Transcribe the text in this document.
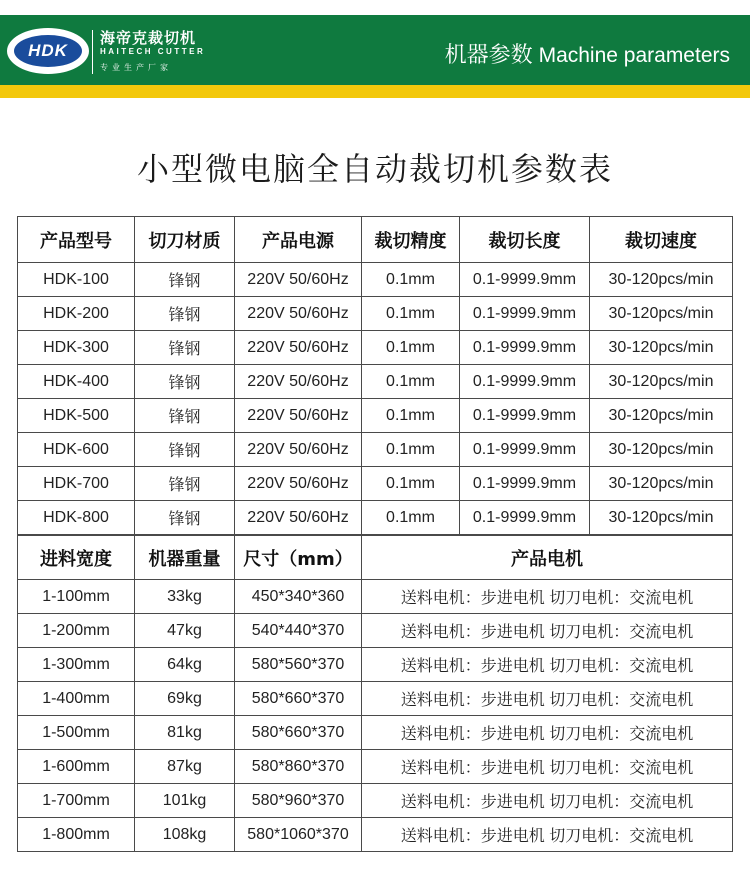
HDK
海帝克裁切机
HAITECH CUTTER
专业生产厂家	机器参数 Machine parameters
小型微电脑全自动裁切机参数表
产品型号	切刀材质	产品电源	裁切精度	裁切长度	裁切速度
HDK-100	锋钢	220V 50/60Hz	0.1mm	0.1-9999.9mm	30-120pcs/min
HDK-200	锋钢	220V 50/60Hz	0.1mm	0.1-9999.9mm	30-120pcs/min
HDK-300	锋钢	220V 50/60Hz	0.1mm	0.1-9999.9mm	30-120pcs/min
HDK-400	锋钢	220V 50/60Hz	0.1mm	0.1-9999.9mm	30-120pcs/min
HDK-500	锋钢	220V 50/60Hz	0.1mm	0.1-9999.9mm	30-120pcs/min
HDK-600	锋钢	220V 50/60Hz	0.1mm	0.1-9999.9mm	30-120pcs/min
HDK-700	锋钢	220V 50/60Hz	0.1mm	0.1-9999.9mm	30-120pcs/min
HDK-800	锋钢	220V 50/60Hz	0.1mm	0.1-9999.9mm	30-120pcs/min
进料宽度	机器重量	尺寸（mm）	产品电机
1-100mm	33kg	450*340*360	送料电机：步进电机 切刀电机：交流电机
1-200mm	47kg	540*440*370	送料电机：步进电机 切刀电机：交流电机
1-300mm	64kg	580*560*370	送料电机：步进电机 切刀电机：交流电机
1-400mm	69kg	580*660*370	送料电机：步进电机 切刀电机：交流电机
1-500mm	81kg	580*660*370	送料电机：步进电机 切刀电机：交流电机
1-600mm	87kg	580*860*370	送料电机：步进电机 切刀电机：交流电机
1-700mm	101kg	580*960*370	送料电机：步进电机 切刀电机：交流电机
1-800mm	108kg	580*1060*370	送料电机：步进电机 切刀电机：交流电机
